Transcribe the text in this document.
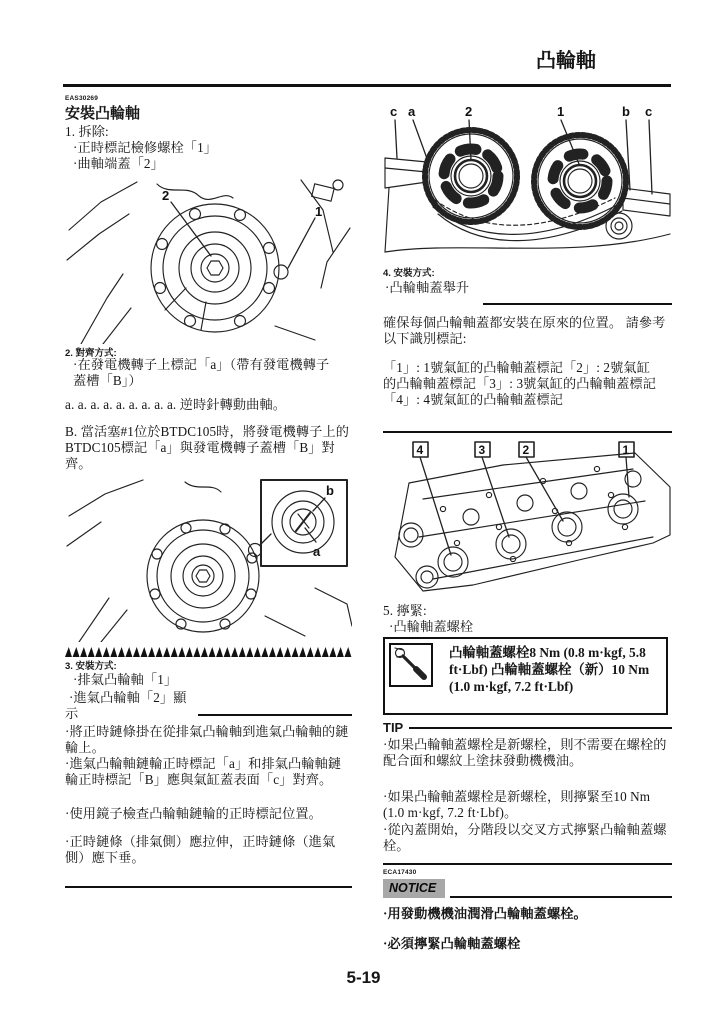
凸輪軸
EAS30269
安裝凸輪軸
1. 拆除:
·正時標記檢修螺栓「1」
·曲軸端蓋「2」
2
1
2. 對齊方式:
·在發電機轉子上標記「a」（帶有發電機轉子蓋槽「B」）
a. a. a. a. a. a. a. a. a. 逆時針轉動曲軸。
B. 當活塞#1位於BTDC105時，將發電機轉子上的BTDC105標記「a」與發電機轉子蓋槽「B」對齊。
b
a
3. 安裝方式:
·排氣凸輪軸「1」
·進氣凸輪軸「2」顯
示
·將正時鏈條掛在從排氣凸輪軸到進氣凸輪軸的鏈輪上。
·進氣凸輪軸鏈輪正時標記「a」和排氣凸輪軸鏈輪正時標記「B」應與氣缸蓋表面「c」對齊。
·使用鏡子檢查凸輪軸鏈輪的正時標記位置。
·正時鏈條（排氣側）應拉伸，正時鏈條（進氣側）應下垂。
c a	2	1	b c
4. 安裝方式:
·凸輪軸蓋舉升
確保每個凸輪軸蓋都安裝在原來的位置。 請參考以下識別標記:
「1」: 1號氣缸的凸輪軸蓋標記「2」: 2號氣缸的凸輪軸蓋標記「3」: 3號氣缸的凸輪軸蓋標記「4」: 4號氣缸的凸輪軸蓋標記
4	3	2	1
5. 擰緊:
·凸輪軸蓋螺栓
凸輪軸蓋螺栓8 Nm (0.8 m·kgf, 5.8 ft·Lbf) 凸輪軸蓋螺栓（新）10 Nm (1.0 m·kgf, 7.2 ft·Lbf)
TIP
·如果凸輪軸蓋螺栓是新螺栓，則不需要在螺栓的配合面和螺紋上塗抹發動機機油。
·如果凸輪軸蓋螺栓是新螺栓，則擰緊至10 Nm (1.0 m·kgf, 7.2 ft·Lbf)。
·從內蓋開始，分階段以交叉方式擰緊凸輪軸蓋螺栓。
ECA17430
NOTICE
·用發動機機油潤滑凸輪軸蓋螺栓。
·必須擰緊凸輪軸蓋螺栓
5-19
